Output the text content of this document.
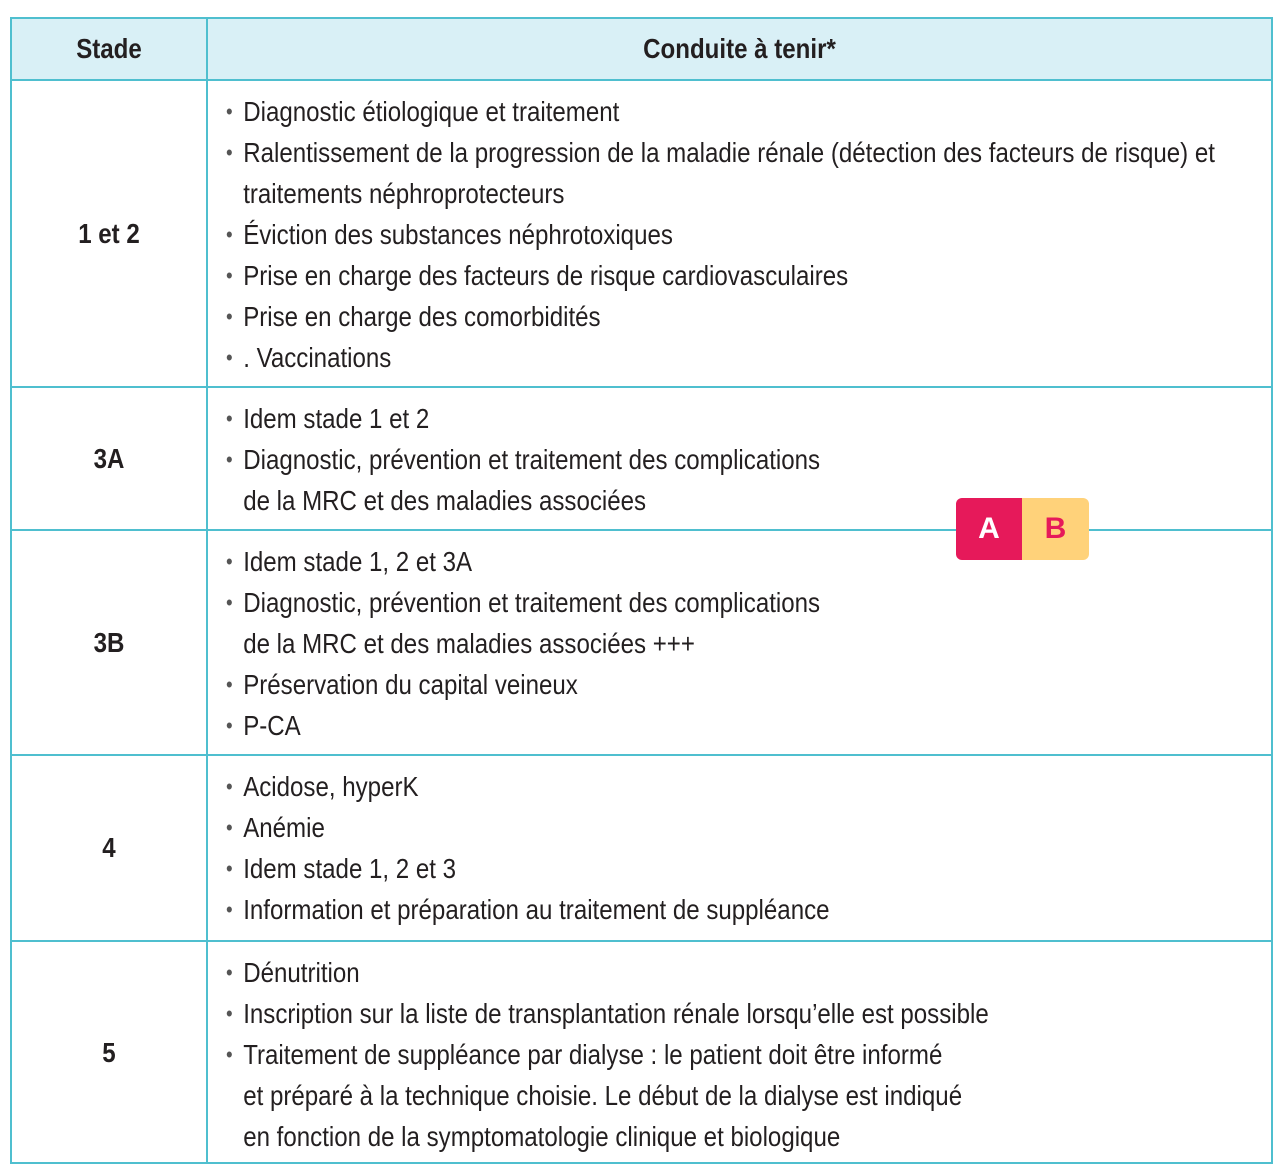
Stade	Conduite à tenir*
1 et 2
• Diagnostic étiologique et traitement
• Ralentissement de la progression de la maladie rénale (détection des facteurs de risque) et
traitements néphroprotecteurs
• Éviction des substances néphrotoxiques
• Prise en charge des facteurs de risque cardiovasculaires
• Prise en charge des comorbidités
• . Vaccinations
3A
• Idem stade 1 et 2
• Diagnostic, prévention et traitement des complications
de la MRC et des maladies associées
3B
• Idem stade 1, 2 et 3A
• Diagnostic, prévention et traitement des complications
de la MRC et des maladies associées +++
• Préservation du capital veineux
• P-CA
4
• Acidose, hyperK
• Anémie
• Idem stade 1, 2 et 3
• Information et préparation au traitement de suppléance
5
• Dénutrition
• Inscription sur la liste de transplantation rénale lorsqu’elle est possible
• Traitement de suppléance par dialyse : le patient doit être informé
et préparé à la technique choisie. Le début de la dialyse est indiqué
en fonction de la symptomatologie clinique et biologique
A	B
